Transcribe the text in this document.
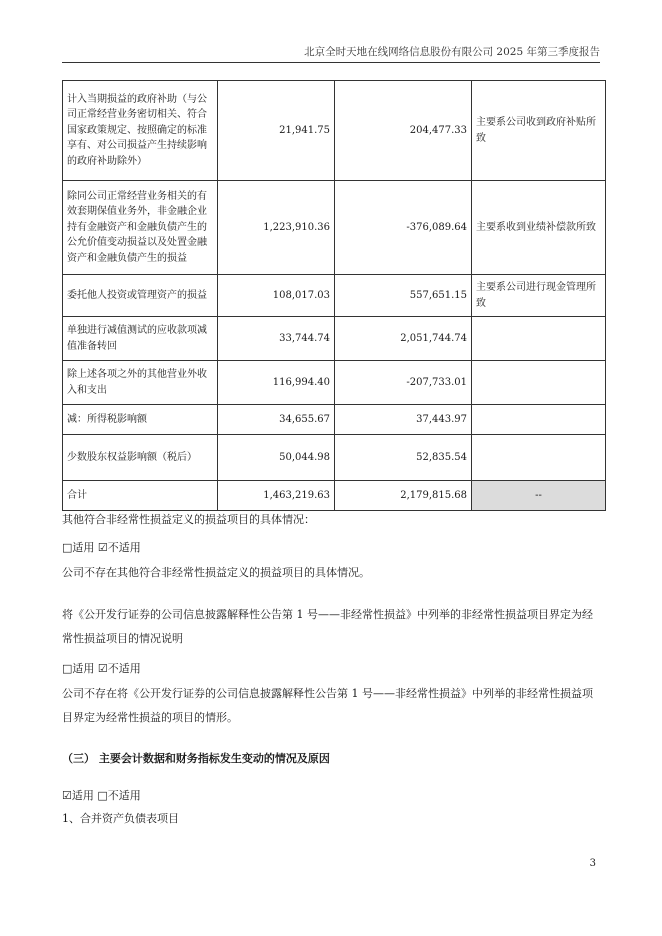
北京全时天地在线网络信息股份有限公司 2025 年第三季度报告
计入当期损益的政府补助（与公司正常经营业务密切相关、符合国家政策规定、按照确定的标准享有、对公司损益产生持续影响的政府补助除外）	21,941.75	204,477.33	主要系公司收到政府补贴所致
除同公司正常经营业务相关的有效套期保值业务外，非金融企业持有金融资产和金融负债产生的公允价值变动损益以及处置金融资产和金融负债产生的损益	1,223,910.36	-376,089.64	主要系收到业绩补偿款所致
委托他人投资或管理资产的损益	108,017.03	557,651.15	主要系公司进行现金管理所致
单独进行减值测试的应收款项减值准备转回	33,744.74	2,051,744.74	
除上述各项之外的其他营业外收入和支出	116,994.40	-207,733.01	
减：所得税影响额	34,655.67	37,443.97	
少数股东权益影响额（税后）	50,044.98	52,835.54	
合计	1,463,219.63	2,179,815.68	--
其他符合非经常性损益定义的损益项目的具体情况：
□适用 ☑不适用
公司不存在其他符合非经常性损益定义的损益项目的具体情况。
将《公开发行证券的公司信息披露解释性公告第 1 号——非经常性损益》中列举的非经常性损益项目界定为经常性损益项目的情况说明
□适用 ☑不适用
公司不存在将《公开发行证券的公司信息披露解释性公告第 1 号——非经常性损益》中列举的非经常性损益项目界定为经常性损益的项目的情形。
（三） 主要会计数据和财务指标发生变动的情况及原因
☑适用 □不适用
1、合并资产负债表项目
3
